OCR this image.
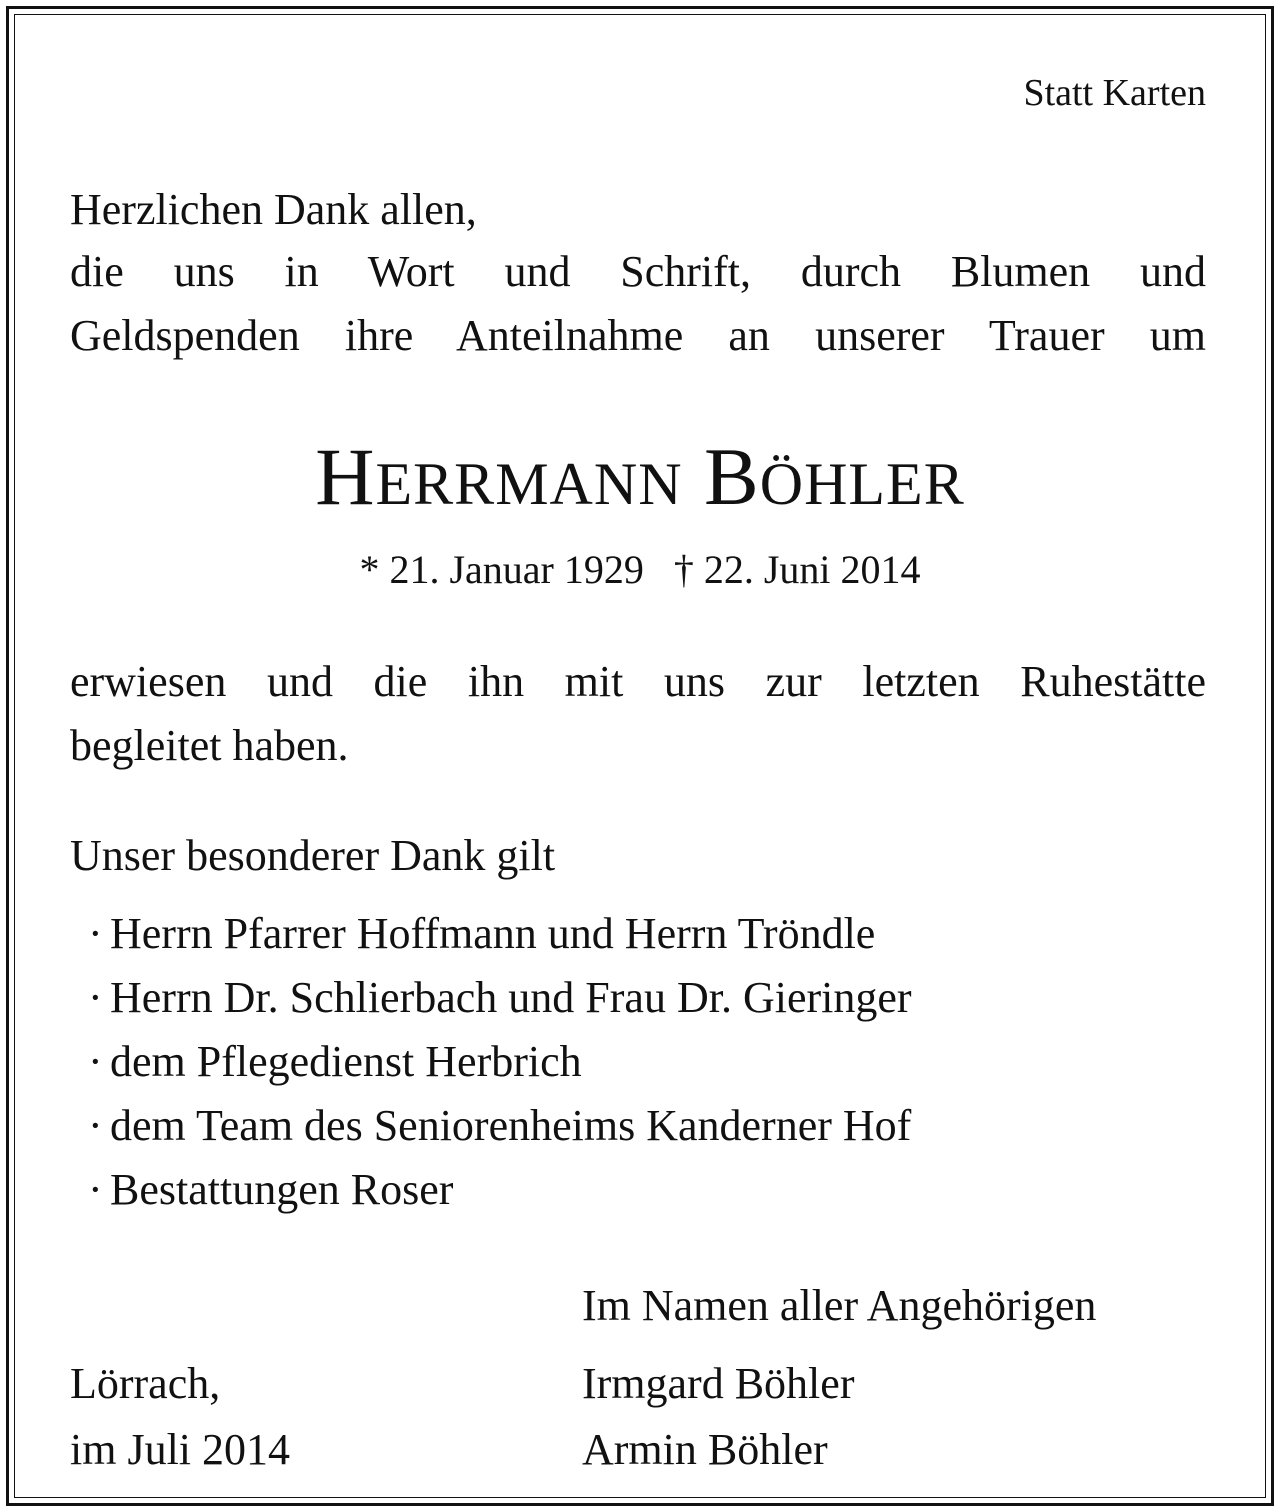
Statt Karten
Herzlichen Dank allen,
die uns in Wort und Schrift, durch Blumen und
Geldspenden ihre Anteilnahme an unserer Trauer um
HERRMANN BÖHLER
* 21. Januar 1929 † 22. Juni 2014
erwiesen und die ihn mit uns zur letzten Ruhestätte
begleitet haben.
Unser besonderer Dank gilt
· Herrn Pfarrer Hoffmann und Herrn Tröndle
· Herrn Dr. Schlierbach und Frau Dr. Gieringer
· dem Pflegedienst Herbrich
· dem Team des Seniorenheims Kanderner Hof
· Bestattungen Roser
Im Namen aller Angehörigen
Irmgard Böhler
Armin Böhler
Lörrach,
im Juli 2014
